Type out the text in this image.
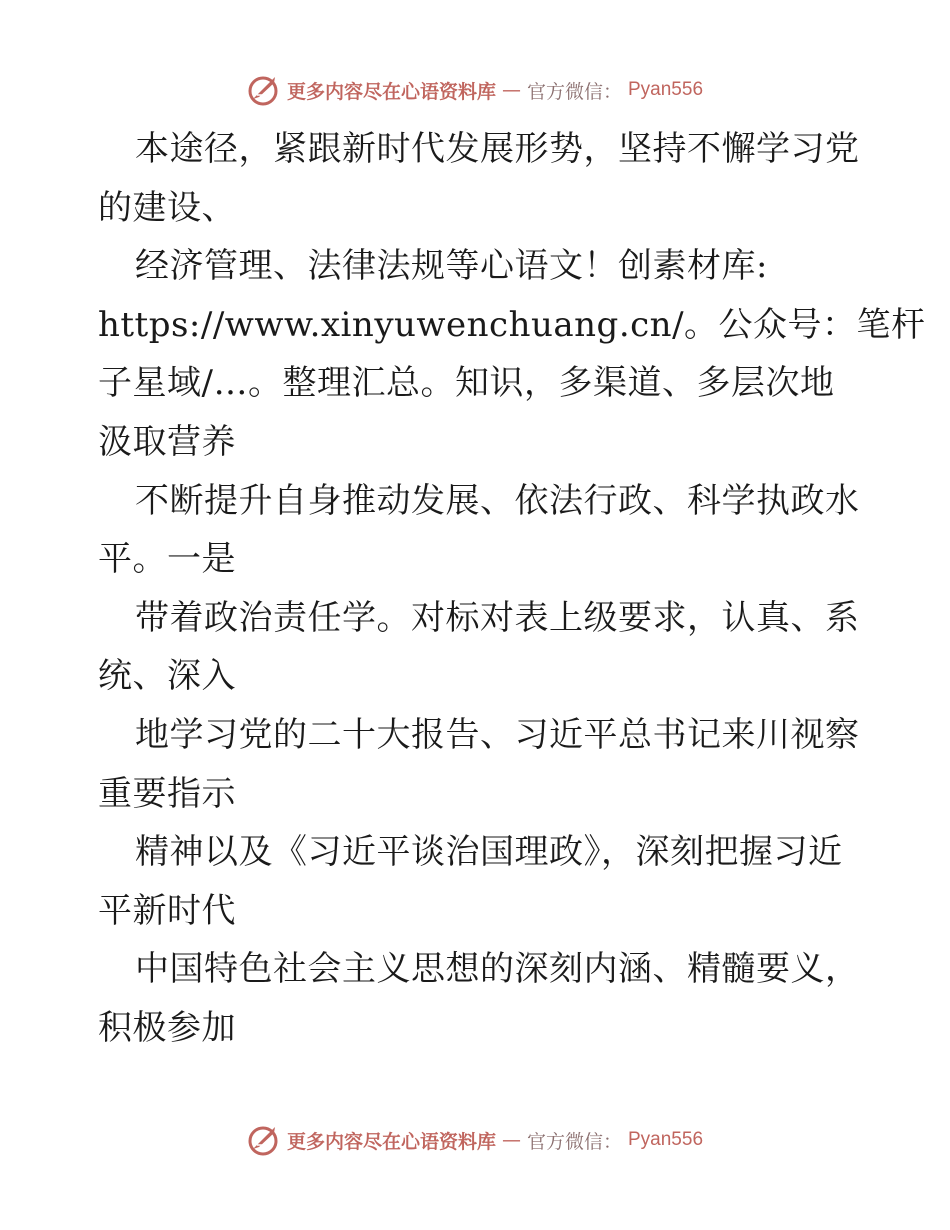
更多内容尽在心语资料库 — 官方微信： Pyan556
本途径，紧跟新时代发展形势，坚持不懈学习党
的建设、
经济管理、法律法规等心语文！创素材库:
https://www.xinyuwenchuang.cn/。公众号：笔杆
子星域/…。整理汇总。知识，多渠道、多层次地
汲取营养
不断提升自身推动发展、依法行政、科学执政水
平。一是
带着政治责任学。对标对表上级要求，认真、系
统、深入
地学习党的二十大报告、习近平总书记来川视察
重要指示
精神以及《习近平谈治国理政》，深刻把握习近
平新时代
中国特色社会主义思想的深刻内涵、精髓要义，
积极参加
更多内容尽在心语资料库 — 官方微信： Pyan556
